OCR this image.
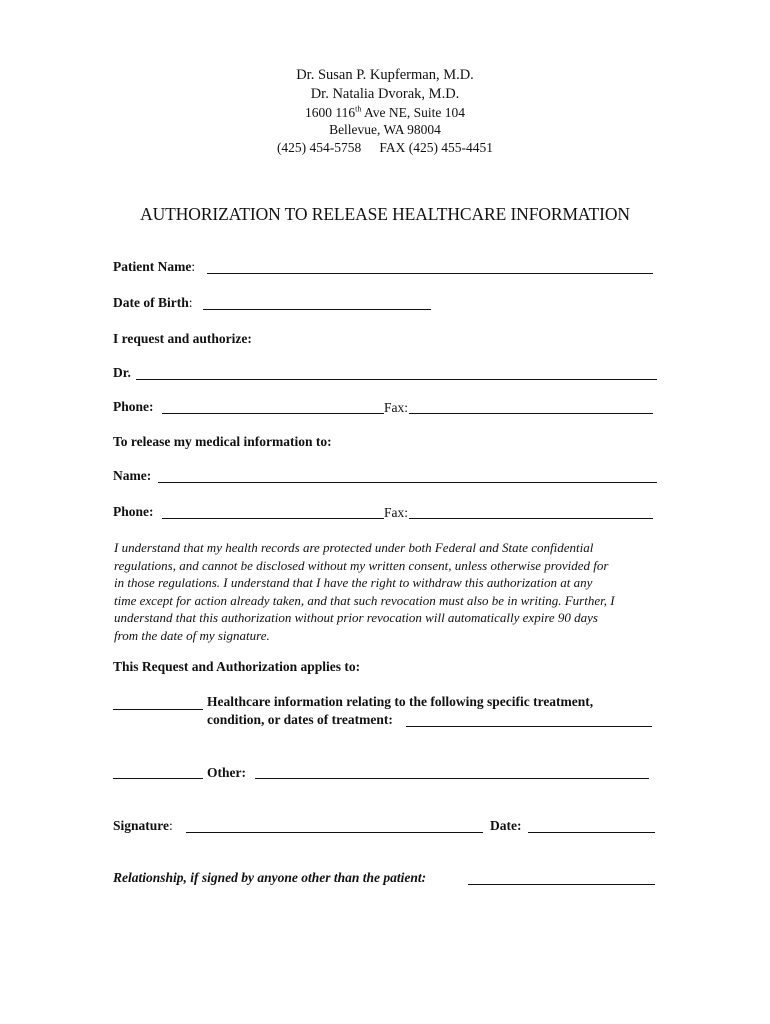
Dr. Susan P. Kupferman, M.D.
Dr. Natalia Dvorak, M.D.
1600 116th Ave NE, Suite 104
Bellevue, WA 98004
(425) 454-5758 FAX (425) 455-4451
AUTHORIZATION TO RELEASE HEALTHCARE INFORMATION
Patient Name:
Date of Birth:
I request and authorize:
Dr.
Phone:	Fax:
To release my medical information to:
Name:
Phone:	Fax:
I understand that my health records are protected under both Federal and State confidential
regulations, and cannot be disclosed without my written consent, unless otherwise provided for
in those regulations. I understand that I have the right to withdraw this authorization at any
time except for action already taken, and that such revocation must also be in writing. Further, I
understand that this authorization without prior revocation will automatically expire 90 days
from the date of my signature.
This Request and Authorization applies to:
Healthcare information relating to the following specific treatment,
condition, or dates of treatment:
Other:
Signature:	Date:
Relationship, if signed by anyone other than the patient:
